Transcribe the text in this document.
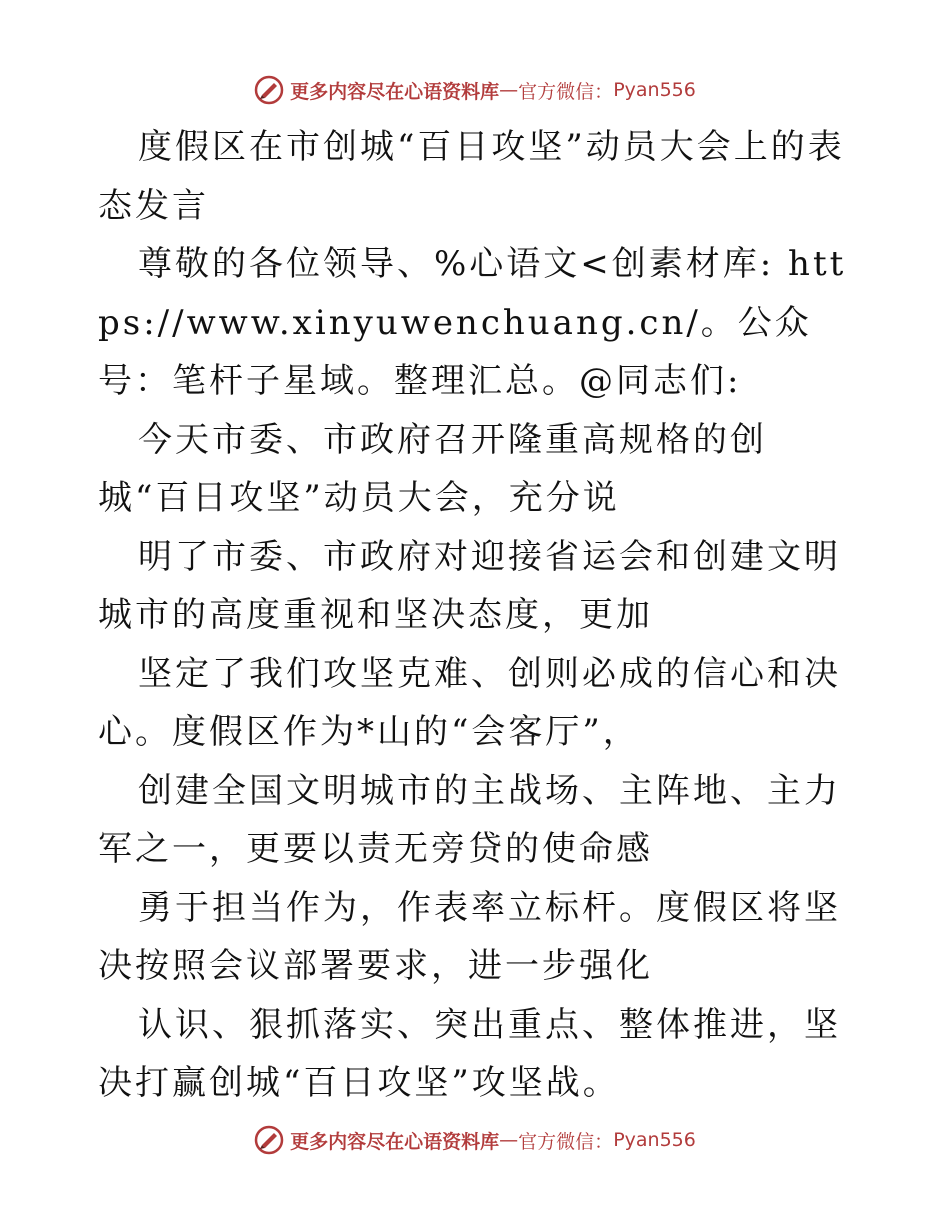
更多内容尽在心语资料库 — 官方微信： Pyan556

度假区在市创城“百日攻坚”动员大会上的表态发言

尊敬的各位领导、%心语文<创素材库: https://www.xinyuwenchuang.cn/。公众号：笔杆子星域。整理汇总。@同志们:

今天市委、市政府召开隆重高规格的创城“百日攻坚”动员大会，充分说

明了市委、市政府对迎接省运会和创建文明城市的高度重视和坚决态度，更加

坚定了我们攻坚克难、创则必成的信心和决心。度假区作为*山的“会客厅”，

创建全国文明城市的主战场、主阵地、主力军之一，更要以责无旁贷的使命感

勇于担当作为，作表率立标杆。度假区将坚决按照会议部署要求，进一步强化

认识、狠抓落实、突出重点、整体推进，坚决打赢创城“百日攻坚”攻坚战。

更多内容尽在心语资料库 — 官方微信： Pyan556
